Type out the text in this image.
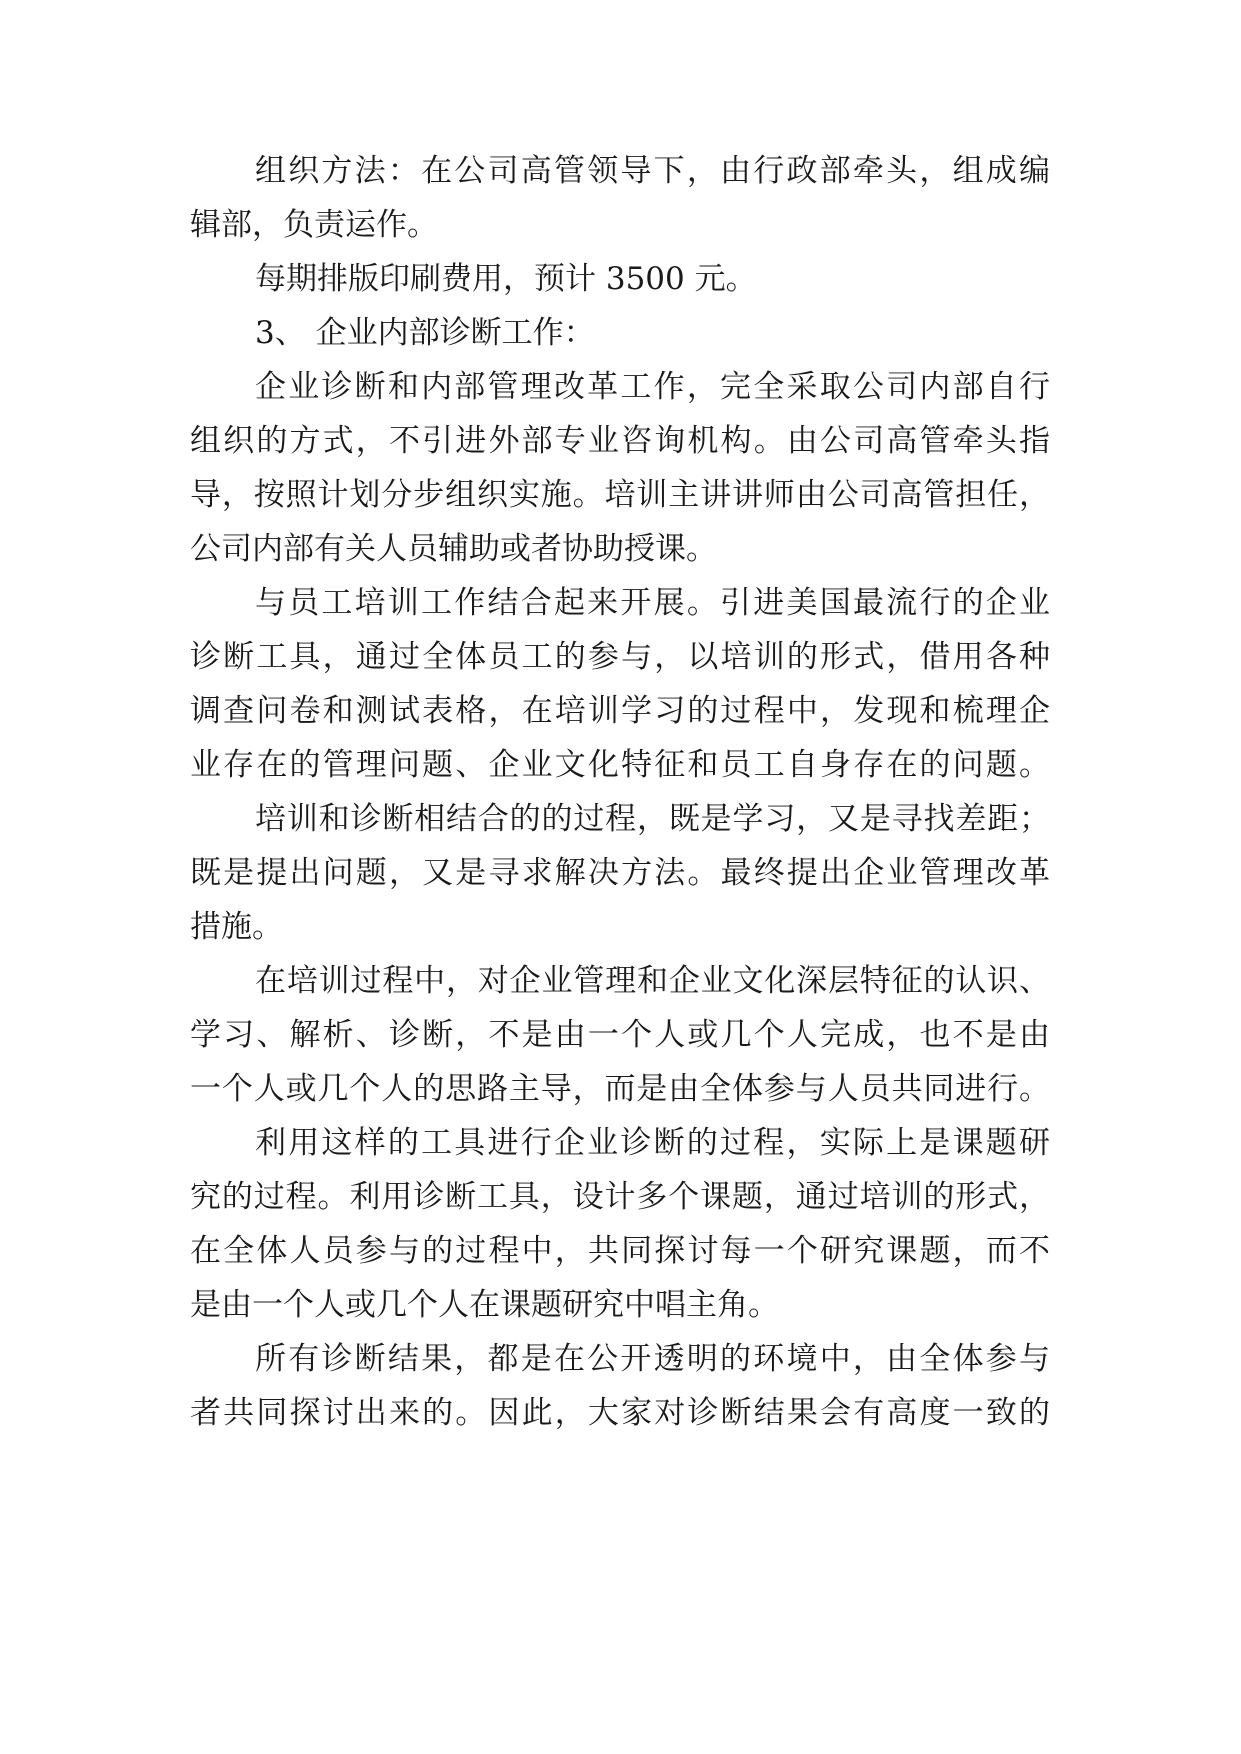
组织方法：在公司高管领导下，由行政部牵头，组成编
辑部，负责运作。
每期排版印刷费用，预计 3500 元。
3、 企业内部诊断工作：
企业诊断和内部管理改革工作，完全采取公司内部自行
组织的方式，不引进外部专业咨询机构。由公司高管牵头指
导，按照计划分步组织实施。培训主讲讲师由公司高管担任，
公司内部有关人员辅助或者协助授课。
与员工培训工作结合起来开展。引进美国最流行的企业
诊断工具，通过全体员工的参与，以培训的形式，借用各种
调查问卷和测试表格，在培训学习的过程中，发现和梳理企
业存在的管理问题、企业文化特征和员工自身存在的问题。
培训和诊断相结合的的过程，既是学习，又是寻找差距；
既是提出问题，又是寻求解决方法。最终提出企业管理改革
措施。
在培训过程中，对企业管理和企业文化深层特征的认识、
学习、解析、诊断，不是由一个人或几个人完成，也不是由
一个人或几个人的思路主导，而是由全体参与人员共同进行。
利用这样的工具进行企业诊断的过程，实际上是课题研
究的过程。利用诊断工具，设计多个课题，通过培训的形式，
在全体人员参与的过程中，共同探讨每一个研究课题，而不
是由一个人或几个人在课题研究中唱主角。
所有诊断结果，都是在公开透明的环境中，由全体参与
者共同探讨出来的。因此，大家对诊断结果会有高度一致的
